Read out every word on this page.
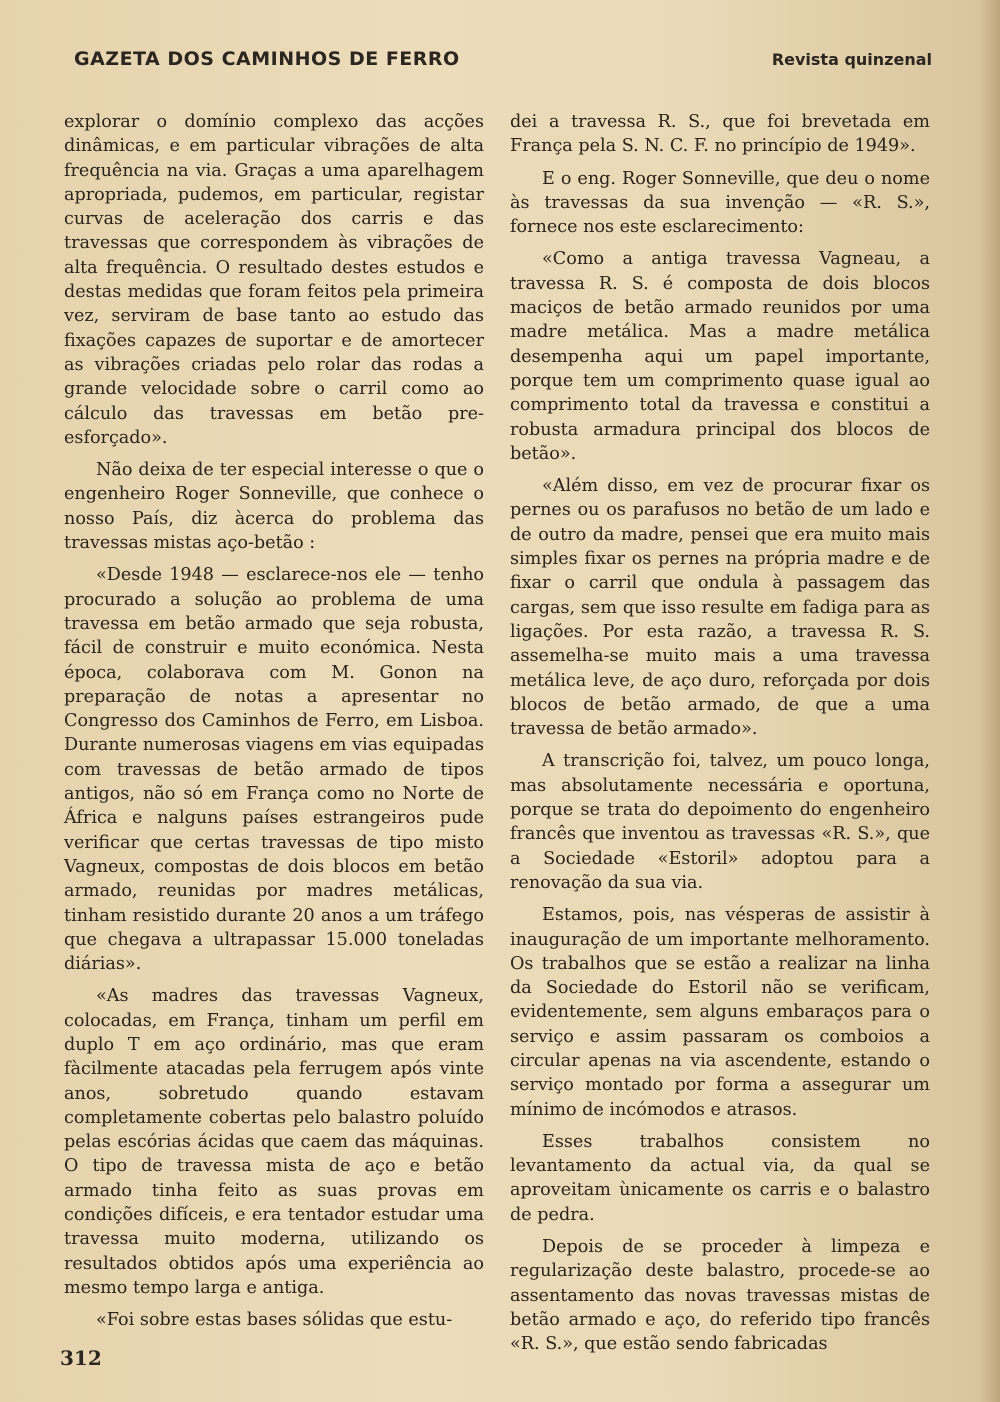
GAZETA DOS CAMINHOS DE FERRO	Revista quinzenal

explorar o domínio complexo das acções dinâmicas, e em particular vibrações de alta frequência na via. Graças a uma aparelhagem apropriada, pudemos, em particular, registar curvas de aceleração dos carris e das travessas que correspondem às vibrações de alta frequência. O resultado destes estudos e destas medidas que foram feitos pela primeira vez, serviram de base tanto ao estudo das fixações capazes de suportar e de amortecer as vibrações criadas pelo rolar das rodas a grande velocidade sobre o carril como ao cálculo das travessas em betão pre-esforçado».

Não deixa de ter especial interesse o que o engenheiro Roger Sonneville, que conhece o nosso País, diz àcerca do problema das travessas mistas aço-betão :

«Desde 1948 — esclarece-nos ele — tenho procurado a solução ao problema de uma travessa em betão armado que seja robusta, fácil de construir e muito económica. Nesta época, colaborava com M. Gonon na preparação de notas a apresentar no Congresso dos Caminhos de Ferro, em Lisboa. Durante numerosas viagens em vias equipadas com travessas de betão armado de tipos antigos, não só em França como no Norte de África e nalguns países estrangeiros pude verificar que certas travessas de tipo misto Vagneux, compostas de dois blocos em betão armado, reunidas por madres metálicas, tinham resistido durante 20 anos a um tráfego que chegava a ultrapassar 15.000 toneladas diárias».

«As madres das travessas Vagneux, colocadas, em França, tinham um perfil em duplo T em aço ordinário, mas que eram fàcilmente atacadas pela ferrugem após vinte anos, sobretudo quando estavam completamente cobertas pelo balastro poluído pelas escórias ácidas que caem das máquinas. O tipo de travessa mista de aço e betão armado tinha feito as suas provas em condições difíceis, e era tentador estudar uma travessa muito moderna, utilizando os resultados obtidos após uma experiência ao mesmo tempo larga e antiga.

«Foi sobre estas bases sólidas que estu-

dei a travessa R. S., que foi brevetada em França pela S. N. C. F. no princípio de 1949».

E o eng. Roger Sonneville, que deu o nome às travessas da sua invenção — «R. S.», fornece nos este esclarecimento:

«Como a antiga travessa Vagneau, a travessa R. S. é composta de dois blocos maciços de betão armado reunidos por uma madre metálica. Mas a madre metálica desempenha aqui um papel importante, porque tem um comprimento quase igual ao comprimento total da travessa e constitui a robusta armadura principal dos blocos de betão».

«Além disso, em vez de procurar fixar os pernes ou os parafusos no betão de um lado e de outro da madre, pensei que era muito mais simples fixar os pernes na própria madre e de fixar o carril que ondula à passagem das cargas, sem que isso resulte em fadiga para as ligações. Por esta razão, a travessa R. S. assemelha-se muito mais a uma travessa metálica leve, de aço duro, reforçada por dois blocos de betão armado, de que a uma travessa de betão armado».

A transcrição foi, talvez, um pouco longa, mas absolutamente necessária e oportuna, porque se trata do depoimento do engenheiro francês que inventou as travessas «R. S.», que a Sociedade «Estoril» adoptou para a renovação da sua via.

Estamos, pois, nas vésperas de assistir à inauguração de um importante melhoramento. Os trabalhos que se estão a realizar na linha da Sociedade do Estoril não se verificam, evidentemente, sem alguns embaraços para o serviço e assim passaram os comboios a circular apenas na via ascendente, estando o serviço montado por forma a assegurar um mínimo de incómodos e atrasos.

Esses trabalhos consistem no levantamento da actual via, da qual se aproveitam ùnicamente os carris e o balastro de pedra.

Depois de se proceder à limpeza e regularização deste balastro, procede-se ao assentamento das novas travessas mistas de betão armado e aço, do referido tipo francês «R. S.», que estão sendo fabricadas

312
